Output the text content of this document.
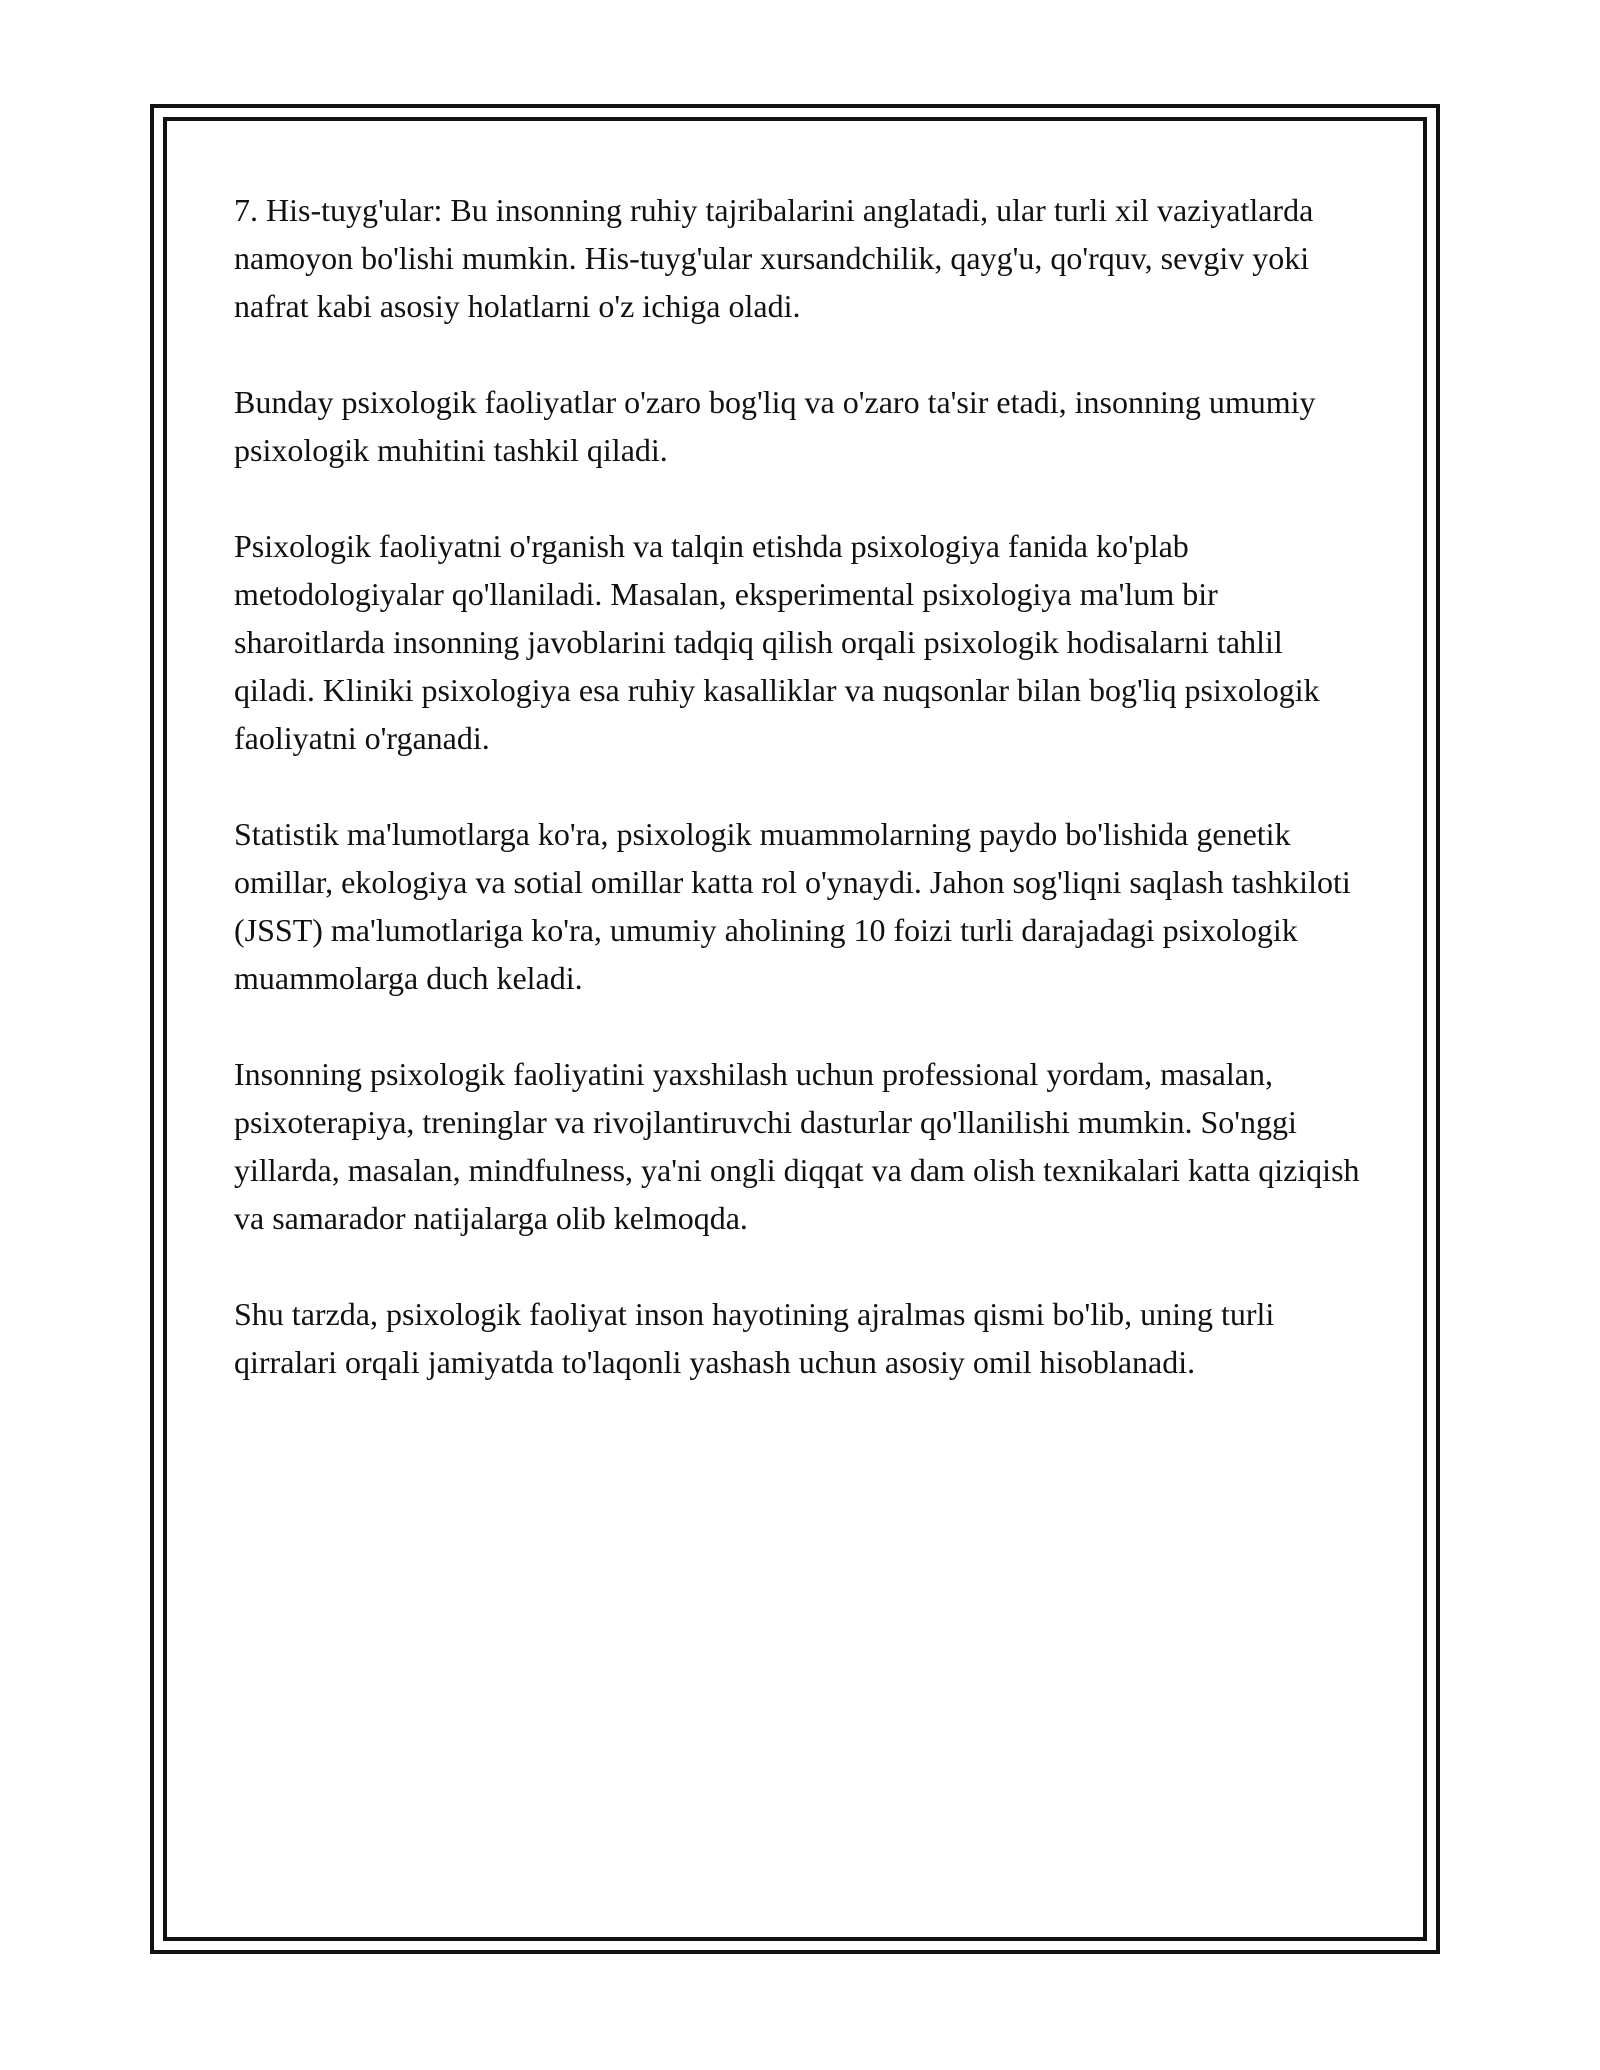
7. His-tuyg'ular: Bu insonning ruhiy tajribalarini anglatadi, ular turli xil vaziyatlarda namoyon bo'lishi mumkin. His-tuyg'ular xursandchilik, qayg'u, qo'rquv, sevgiv yoki nafrat kabi asosiy holatlarni o'z ichiga oladi.

Bunday psixologik faoliyatlar o'zaro bog'liq va o'zaro ta'sir etadi, insonning umumiy psixologik muhitini tashkil qiladi.

Psixologik faoliyatni o'rganish va talqin etishda psixologiya fanida ko'plab metodologiyalar qo'llaniladi. Masalan, eksperimental psixologiya ma'lum bir sharoitlarda insonning javoblarini tadqiq qilish orqali psixologik hodisalarni tahlil qiladi. Kliniki psixologiya esa ruhiy kasalliklar va nuqsonlar bilan bog'liq psixologik faoliyatni o'rganadi.

Statistik ma'lumotlarga ko'ra, psixologik muammolarning paydo bo'lishida genetik omillar, ekologiya va sotial omillar katta rol o'ynaydi. Jahon sog'liqni saqlash tashkiloti (JSST) ma'lumotlariga ko'ra, umumiy aholining 10 foizi turli darajadagi psixologik muammolarga duch keladi.

Insonning psixologik faoliyatini yaxshilash uchun professional yordam, masalan, psixoterapiya, treninglar va rivojlantiruvchi dasturlar qo'llanilishi mumkin. So'nggi yillarda, masalan, mindfulness, ya'ni ongli diqqat va dam olish texnikalari katta qiziqish va samarador natijalarga olib kelmoqda.

Shu tarzda, psixologik faoliyat inson hayotining ajralmas qismi bo'lib, uning turli qirralari orqali jamiyatda to'laqonli yashash uchun asosiy omil hisoblanadi.
